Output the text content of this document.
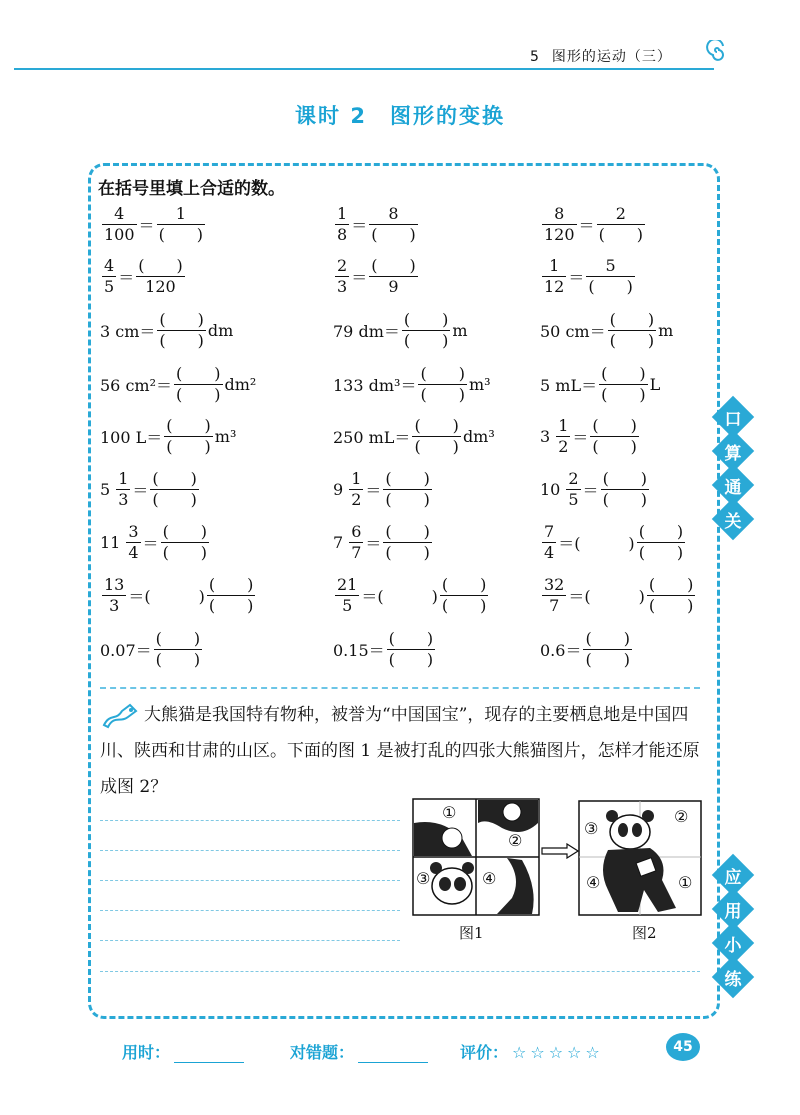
5 图形的运动（三）
课时 2　图形的变换
在括号里填上合适的数。
$\frac{4}{100} = \frac{1}{( )}$	$\frac{1}{8} = \frac{8}{( )}$	$\frac{8}{120} = \frac{2}{( )}$
$\frac{4}{5} = \frac{( )}{120}$	$\frac{2}{3} = \frac{( )}{9}$	$\frac{1}{12} = \frac{5}{( )}$
3 $cm= \frac{( )}{( )}$ dm	79 $dm= \frac{( )}{( )}$ m	50 $cm= \frac{( )}{( )}$ m
56 $cm^2= \frac{( )}{( )} dm^2$	133 $dm^3= \frac{( )}{( )} m^3$	5 $mL= \frac{( )}{( )}$ L
100 $L= \frac{( )}{( )} m^3$	250 $mL= \frac{( )}{( )} dm^3$	$3 \frac{1}{2} = \frac{( )}{( )}$
$5 \frac{1}{3} = \frac{( )}{( )}$	$9 \frac{1}{2} = \frac{( )}{( )}$	$10 \frac{2}{5} = \frac{( )}{( )}$
$11 \frac{3}{4} = \frac{( )}{( )}$	$7 \frac{6}{7} = \frac{( )}{( )}$	$\frac{7}{4}$ ＝(　　　) $\frac{( )}{( )}$
$\frac{13}{3}$ ＝(　　　) $\frac{( )}{( )}$	$\frac{21}{5}$ ＝(　　　) $\frac{( )}{( )}$	$\frac{32}{7}$ ＝(　　　) $\frac{( )}{( )}$
$0.07= \frac{( )}{( )}$	$0.15= \frac{( )}{( )}$	$0.6= \frac{( )}{( )}$
口
算
通
关
大熊猫是我国特有物种，被誉为“中国国宝”，现存的主要栖息地是中国四川、陕西和甘肃的山区。下面的图 1 是被打乱的四张大熊猫图片，怎样才能还原成图 2？
①
②
③	④
图1
③
②
④	①
图2
应
用
小
练
用时：	对错题：	评价： ☆☆☆☆☆	45
